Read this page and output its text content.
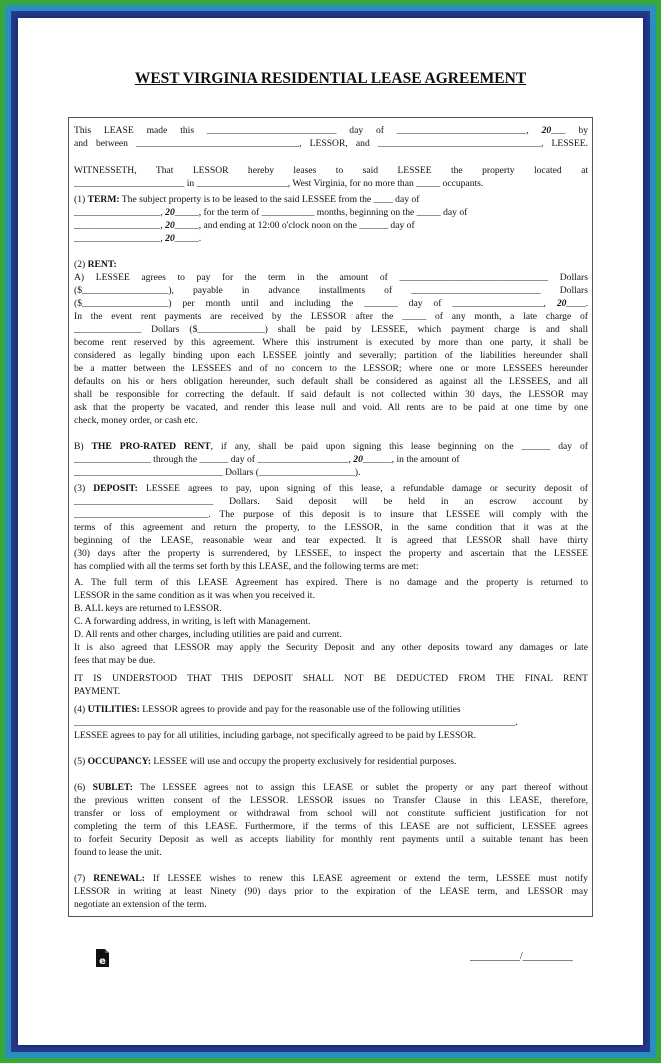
WEST VIRGINIA RESIDENTIAL LEASE AGREEMENT
This LEASE made this ___________________________ day of ___________________________, 20___ by
and between __________________________________, LESSOR, and __________________________________, LESSEE.
WITNESSETH, That LESSOR hereby leases to said LESSEE the property located at
_______________________ in ___________________, West Virginia, for no more than _____ occupants.
(1) TERM: The subject property is to be leased to the said LESSEE from the ____ day of
__________________, 20_____, for the term of ___________ months, beginning on the _____ day of
__________________, 20_____, and ending at 12:00 o'clock noon on the ______ day of
__________________, 20_____.
(2) RENT:
A) LESSEE agrees to pay for the term in the amount of _______________________________ Dollars
($__________________), payable in advance installments of ___________________________ Dollars
($__________________) per month until and including the _______ day of ___________________, 20____.
In the event rent payments are received by the LESSOR after the _____ of any month, a late charge of
______________ Dollars ($______________) shall be paid by LESSEE, which payment charge is and shall
become rent reserved by this agreement. Where this instrument is executed by more than one party, it shall be
considered as legally binding upon each LESSEE jointly and severally; partition of the liabilities hereunder shall
be a matter between the LESSEES and of no concern to the LESSOR; where one or more LESSEES hereunder
defaults on his or hers obligation hereunder, such default shall be considered as against all the LESSEES, and all
shall be responsible for correcting the default. If said default is not collected within 30 days, the LESSOR may
ask that the property be vacated, and render this lease null and void. All rents are to be paid at one time by one
check, money order, or cash etc.
B) THE PRO-RATED RENT, if any, shall be paid upon signing this lease beginning on the ______ day of
________________ through the ______ day of ___________________, 20______, in the amount of
_______________________________ Dollars (____________________).
(3) DEPOSIT: LESSEE agrees to pay, upon signing of this lease, a refundable damage or security deposit of
_____________________________ Dollars. Said deposit will be held in an escrow account by
____________________________. The purpose of this deposit is to insure that LESSEE will comply with the
terms of this agreement and return the property, to the LESSOR, in the same condition that it was at the
beginning of the LEASE, reasonable wear and tear expected. It is agreed that LESSOR shall have thirty
(30) days after the property is surrendered, by LESSEE, to inspect the property and ascertain that the LESSEE
has complied with all the terms set forth by this LEASE, and the following terms are met:
A. The full term of this LEASE Agreement has expired. There is no damage and the property is returned to
LESSOR in the same condition as it was when you received it.
B. ALL keys are returned to LESSOR.
C. A forwarding address, in writing, is left with Management.
D. All rents and other charges, including utilities are paid and current.
It is also agreed that LESSOR may apply the Security Deposit and any other deposits toward any damages or late
fees that may be due.
IT IS UNDERSTOOD THAT THIS DEPOSIT SHALL NOT BE DEDUCTED FROM THE FINAL RENT
PAYMENT.
(4) UTILITIES: LESSOR agrees to provide and pay for the reasonable use of the following utilities
____________________________________________________________________________________________.
LESSEE agrees to pay for all utilities, including garbage, not specifically agreed to be paid by LESSOR.
(5) OCCUPANCY: LESSEE will use and occupy the property exclusively for residential purposes.
(6) SUBLET: The LESSEE agrees not to assign this LEASE or sublet the property or any part thereof without
the previous written consent of the LESSOR. LESSOR issues no Transfer Clause in this LEASE, therefore,
transfer or loss of employment or withdrawal from school will not constitute sufficient justification for not
completing the term of this LEASE. Furthermore, if the terms of this LEASE are not sufficient, LESSEE agrees
to forfeit Security Deposit as well as accepts liability for monthly rent payments until a suitable tenant has been
found to lease the unit.
(7) RENEWAL: If LESSEE wishes to renew this LEASE agreement or extend the term, LESSEE must notify
LESSOR in writing at least Ninety (90) days prior to the expiration of the LEASE term, and LESSOR may
negotiate an extension of the term.
e	__________/__________
